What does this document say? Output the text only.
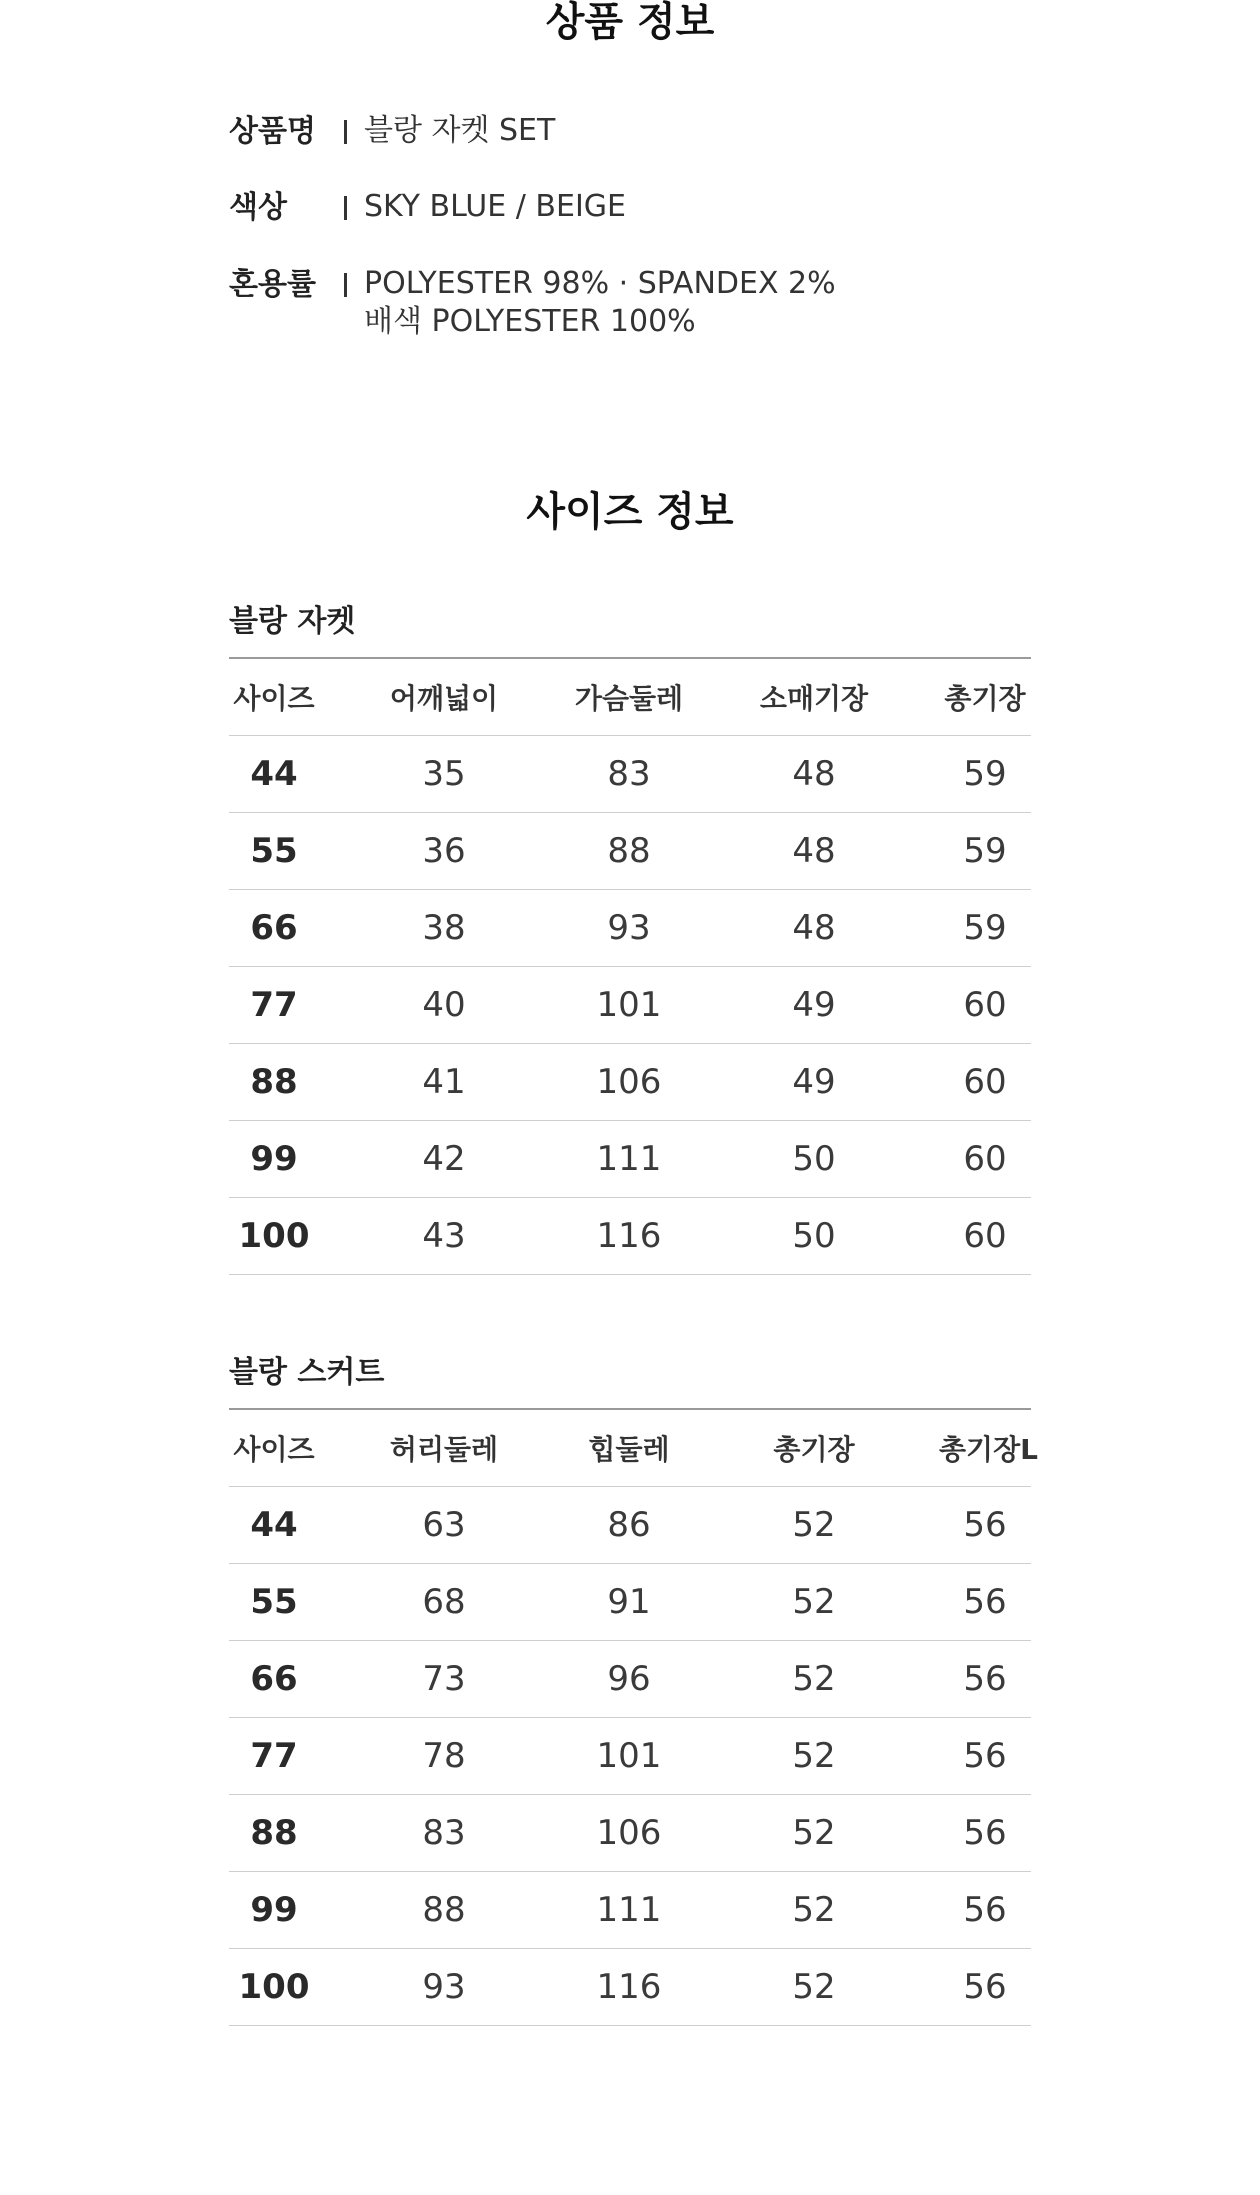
상품 정보
상품명 블랑 자켓 SET
색상	SKY BLUE / BEIGE
혼용률 POLYESTER 98% · SPANDEX 2%
배색 POLYESTER 100%
사이즈 정보
블랑 자켓
사이즈	어깨넓이	가슴둘레	소매기장	총기장
44	35	83	48	59
55	36	88	48	59
66	38	93	48	59
77	40	101	49	60
88	41	106	49	60
99	42	111	50	60
100	43	116	50	60
블랑 스커트
사이즈	허리둘레	힙둘레	총기장	총기장L
44	63	86	52	56
55	68	91	52	56
66	73	96	52	56
77	78	101	52	56
88	83	106	52	56
99	88	111	52	56
100	93	116	52	56
